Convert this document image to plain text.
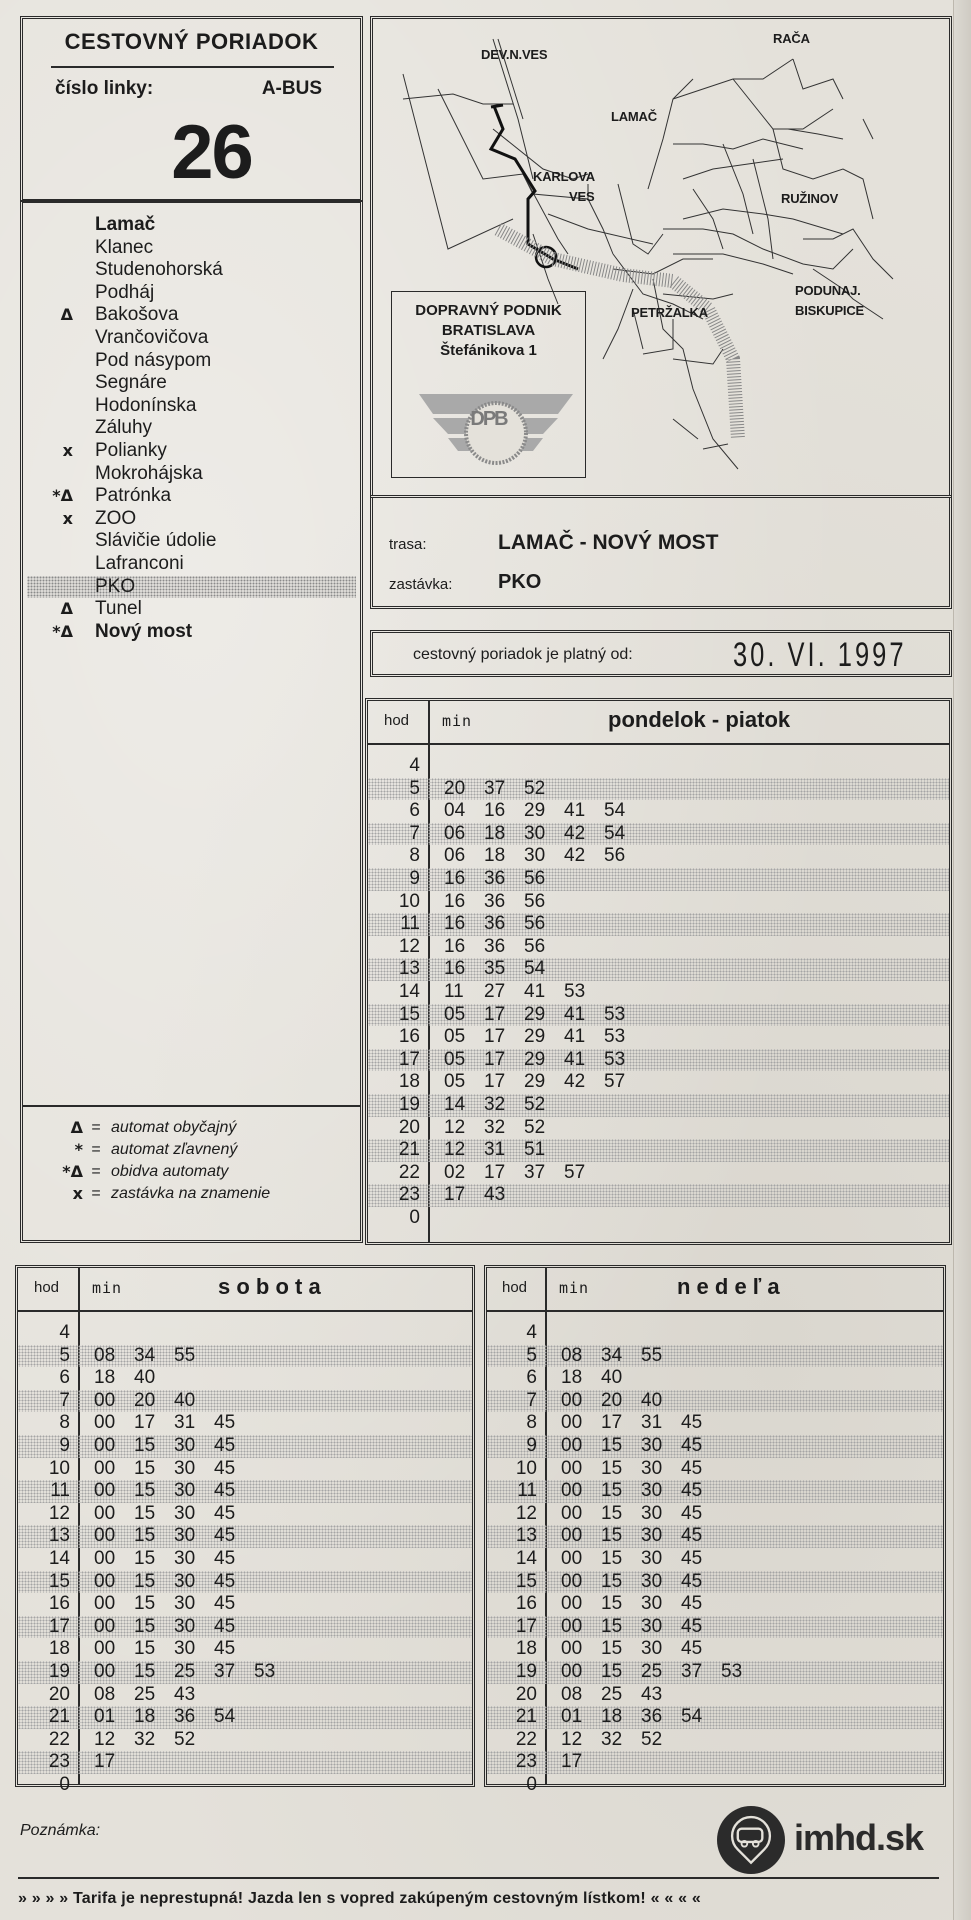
CESTOVNÝ PORIADOK
číslo linky:	A-BUS
26
Lamač
Klanec
Studenohorská
Podháj
Δ Bakošova
Vrančovičova
Pod násypom
Segnáre
Hodonínska
Záluhy
x Polianky
Mokrohájska
*Δ Patrónka
x ZOO
Slávičie údolie
Lafranconi
PKO
Δ Tunel
*Δ Nový most
Δ = automat obyčajný
* = automat zľavnený
*Δ = obidva automaty
x = zastávka na znamenie
DEV.N.VES
RAČA
LAMAČ
KARLOVA
VES	RUŽINOV
PODUNAJ.
BISKUPICE
PETRŽALKA
DOPRAVNÝ PODNIK
BRATISLAVA
Štefánikova 1
DPB
trasa:	LAMAČ - NOVÝ MOST
zastávka: PKO
cestovný poriadok je platný od:	30. VI. 1997
hod min	pondelok - piatok
4
5 20 37 52
6 04 16 29 41 54
7 06 18 30 42 54
8 06 18 30 42 56
9 16 36 56
10 16 36 56
11 16 36 56
12 16 36 56
13 16 35 54
14 11 27 41 53
15 05 17 29 41 53
16 05 17 29 41 53
17 05 17 29 41 53
18 05 17 29 42 57
19 14 32 52
20 12 32 52
21 12 31 51
22 02 17 37 57
23 17 43
0
hod min	s o b o t a
4
5 08 34 55
6 18 40
7 00 20 40
8 00 17 31 45
9 00 15 30 45
10 00 15 30 45
11 00 15 30 45
12 00 15 30 45
13 00 15 30 45
14 00 15 30 45
15 00 15 30 45
16 00 15 30 45
17 00 15 30 45
18 00 15 30 45
19 00 15 25 37 53
20 08 25 43
21 01 18 36 54
22 12 32 52
23 17
0
hod min	n e d e ľ a
4
5 08 34 55
6 18 40
7 00 20 40
8 00 17 31 45
9 00 15 30 45
10 00 15 30 45
11 00 15 30 45
12 00 15 30 45
13 00 15 30 45
14 00 15 30 45
15 00 15 30 45
16 00 15 30 45
17 00 15 30 45
18 00 15 30 45
19 00 15 25 37 53
20 08 25 43
21 01 18 36 54
22 12 32 52
23 17
0
Poznámka:	imhd.sk
» » » » Tarifa je neprestupná! Jazda len s vopred zakúpeným cestovným lístkom! « « « «
